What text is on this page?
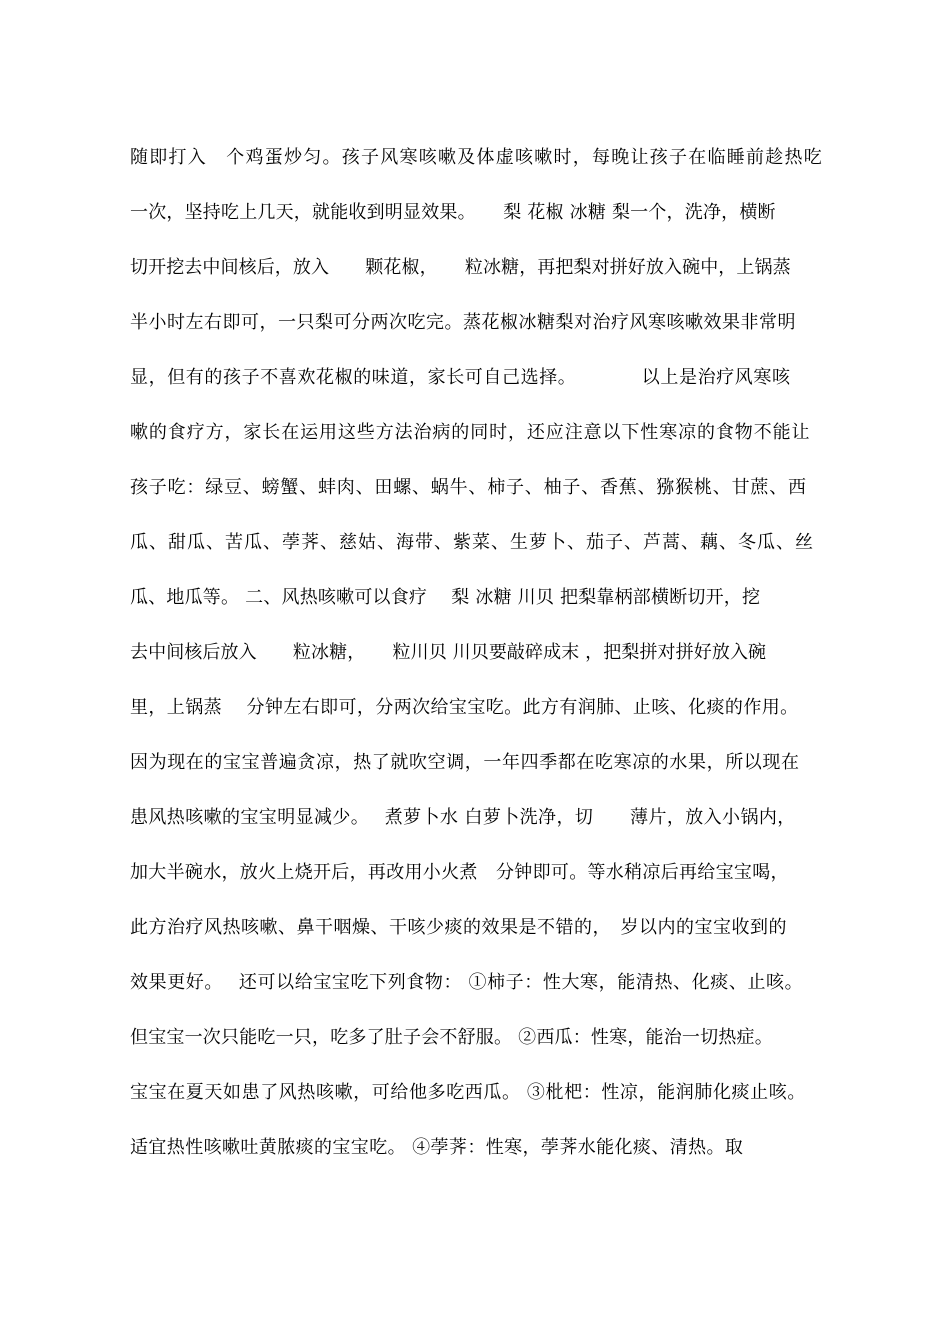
随即打入　个鸡蛋炒匀。孩子风寒咳嗽及体虚咳嗽时，每晚让孩子在临睡前趁热吃
一次，坚持吃上几天，就能收到明显效果。　　梨 花椒 冰糖 梨一个，洗净，横断
切开挖去中间核后，放入　　颗花椒，　　粒冰糖，再把梨对拼好放入碗中，上锅蒸
半小时左右即可，一只梨可分两次吃完。蒸花椒冰糖梨对治疗风寒咳嗽效果非常明
显，但有的孩子不喜欢花椒的味道，家长可自己选择。　　　　以上是治疗风寒咳
嗽的食疗方，家长在运用这些方法治病的同时，还应注意以下性寒凉的食物不能让
孩子吃：绿豆、螃蟹、蚌肉、田螺、蜗牛、柿子、柚子、香蕉、猕猴桃、甘蔗、西
瓜、甜瓜、苦瓜、荸荠、慈姑、海带、紫菜、生萝卜、茄子、芦蒿、藕、冬瓜、丝
瓜、地瓜等。 二、风热咳嗽可以食疗　 梨 冰糖 川贝 把梨靠柄部横断切开，挖
去中间核后放入　　粒冰糖，　　粒川贝 川贝要敲碎成末 ，把梨拼对拼好放入碗
里，上锅蒸　 分钟左右即可，分两次给宝宝吃。此方有润肺、止咳、化痰的作用。
因为现在的宝宝普遍贪凉，热了就吹空调，一年四季都在吃寒凉的水果，所以现在
患风热咳嗽的宝宝明显减少。　 煮萝卜水 白萝卜洗净，切　　薄片，放入小锅内，
加大半碗水，放火上烧开后，再改用小火煮　分钟即可。等水稍凉后再给宝宝喝，
此方治疗风热咳嗽、鼻干咽燥、干咳少痰的效果是不错的，　岁以内的宝宝收到的
效果更好。　 还可以给宝宝吃下列食物： ①柿子：性大寒，能清热、化痰、止咳。
但宝宝一次只能吃一只，吃多了肚子会不舒服。 ②西瓜：性寒，能治一切热症。
宝宝在夏天如患了风热咳嗽，可给他多吃西瓜。 ③枇杷：性凉，能润肺化痰止咳。
适宜热性咳嗽吐黄脓痰的宝宝吃。 ④荸荠：性寒，荸荠水能化痰、清热。取
